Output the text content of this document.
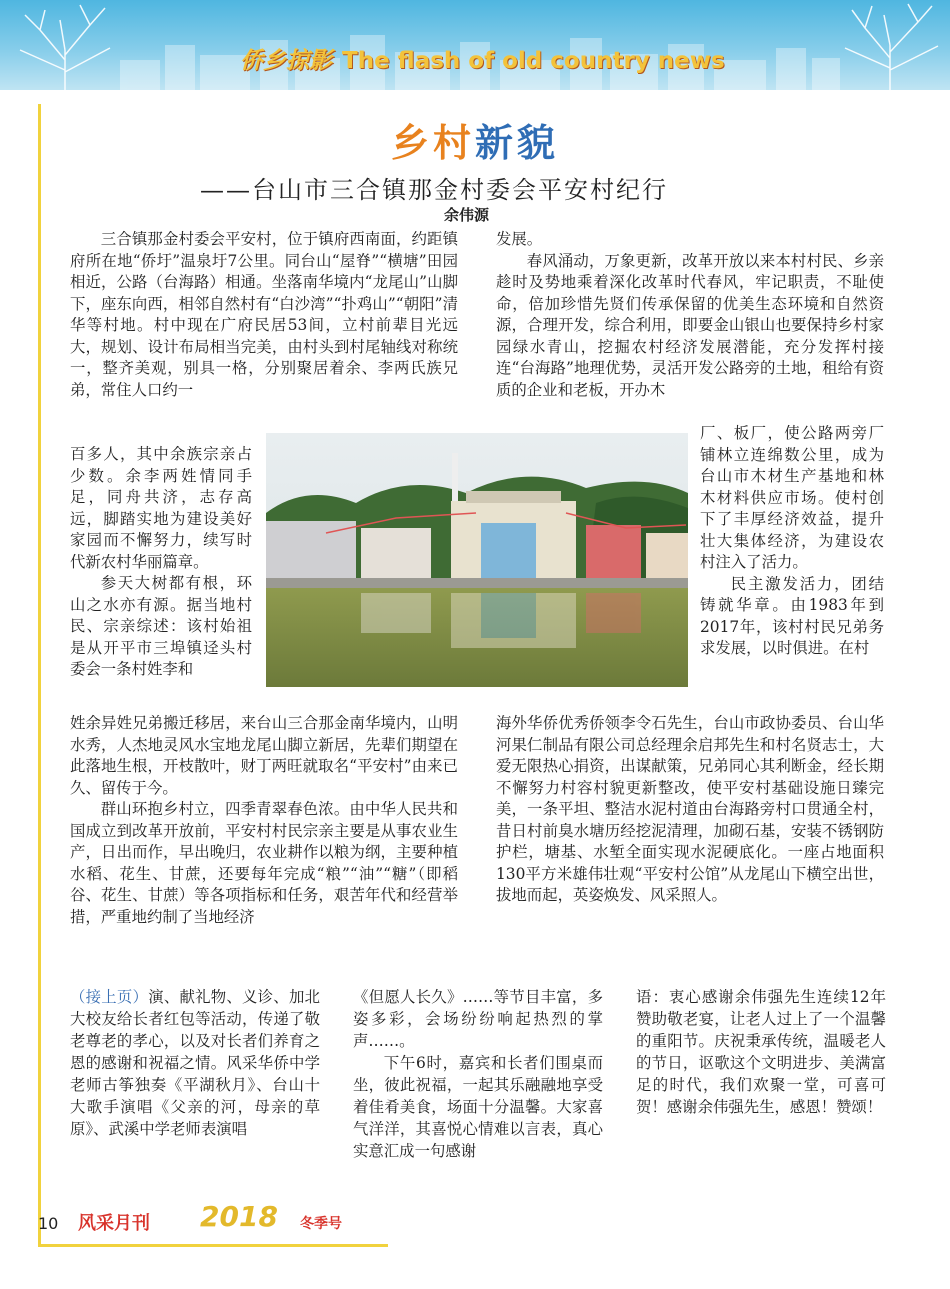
侨乡掠影 The flash of old country news
乡村新貌
——台山市三合镇那金村委会平安村纪行
余伟源

三合镇那金村委会平安村，位于镇府西南面，约距镇府所在地“侨圩”温泉圩7公里。同台山“屋脊”“横塘”田园相近，公路（台海路）相通。坐落南华境内“龙尾山”山脚下，座东向西，相邻自然村有“白沙湾”“扑鸡山”“朝阳”清华等村地。村中现在广府民居53间，立村前辈目光远大，规划、设计布局相当完美，由村头到村尾轴线对称统一，整齐美观，别具一格，分别聚居着余、李两氏族兄弟，常住人口约一

百多人，其中余族宗亲占少数。余李两姓情同手足，同舟共济，志存高远，脚踏实地为建设美好家园而不懈努力，续写时代新农村华丽篇章。

参天大树都有根，环山之水亦有源。据当地村民、宗亲综述：该村始祖是从开平市三埠镇迳头村委会一条村姓李和

姓余异姓兄弟搬迁移居，来台山三合那金南华境内，山明水秀，人杰地灵风水宝地龙尾山脚立新居，先辈们期望在此落地生根，开枝散叶，财丁两旺就取名“平安村”由来已久、留传于今。

群山环抱乡村立，四季青翠春色浓。由中华人民共和国成立到改革开放前，平安村村民宗亲主要是从事农业生产，日出而作，早出晚归，农业耕作以粮为纲，主要种植水稻、花生、甘蔗，还要每年完成“粮”“油”“糖”（即稻谷、花生、甘蔗）等各项指标和任务，艰苦年代和经营举措，严重地约制了当地经济

发展。

春风涌动，万象更新，改革开放以来本村村民、乡亲趁时及势地乘着深化改革时代春风，牢记职责，不耻使命，倍加珍惜先贤们传承保留的优美生态环境和自然资源，合理开发，综合利用，即要金山银山也要保持乡村家园绿水青山，挖掘农村经济发展潜能，充分发挥村接连“台海路”地理优势，灵活开发公路旁的土地，租给有资质的企业和老板，开办木

厂、板厂，使公路两旁厂铺林立连绵数公里，成为台山市木材生产基地和林木材料供应市场。使村创下了丰厚经济效益，提升壮大集体经济，为建设农村注入了活力。

民主激发活力，团结铸就华章。由1983年到2017年，该村村民兄弟务求发展，以时俱进。在村

海外华侨优秀侨领李令石先生，台山市政协委员、台山华河果仁制品有限公司总经理余启邦先生和村名贤志士，大爱无限热心捐资，出谋献策，兄弟同心其利断金，经长期不懈努力村容村貌更新整改，使平安村基础设施日臻完美，一条平坦、整洁水泥村道由台海路旁村口贯通全村，昔日村前臭水塘历经挖泥清理，加砌石基，安装不锈钢防护栏，塘基、水堑全面实现水泥硬底化。一座占地面积130平方米雄伟壮观“平安村公馆”从龙尾山下横空出世，拔地而起，英姿焕发、风采照人。

（接上页）演、献礼物、义诊、加北大校友给长者红包等活动，传递了敬老尊老的孝心，以及对长者们养育之恩的感谢和祝福之情。风采华侨中学老师古筝独奏《平湖秋月》、台山十大歌手演唱《父亲的河，母亲的草原》、武溪中学老师表演唱
《但愿人长久》……等节目丰富，多姿多彩，会场纷纷响起热烈的掌声……。
下午6时，嘉宾和长者们围桌而坐，彼此祝福，一起其乐融融地享受着佳肴美食，场面十分温馨。大家喜气洋洋，其喜悦心情难以言表，真心实意汇成一句感谢
语：衷心感谢余伟强先生连续12年赞助敬老宴，让老人过上了一个温馨的重阳节。庆祝秉承传统，温暖老人的节日，讴歌这个文明进步、美满富足的时代，我们欢聚一堂，可喜可贺！感谢余伟强先生，感恩！赞颂！
10 风采月刊 2018 冬季号
